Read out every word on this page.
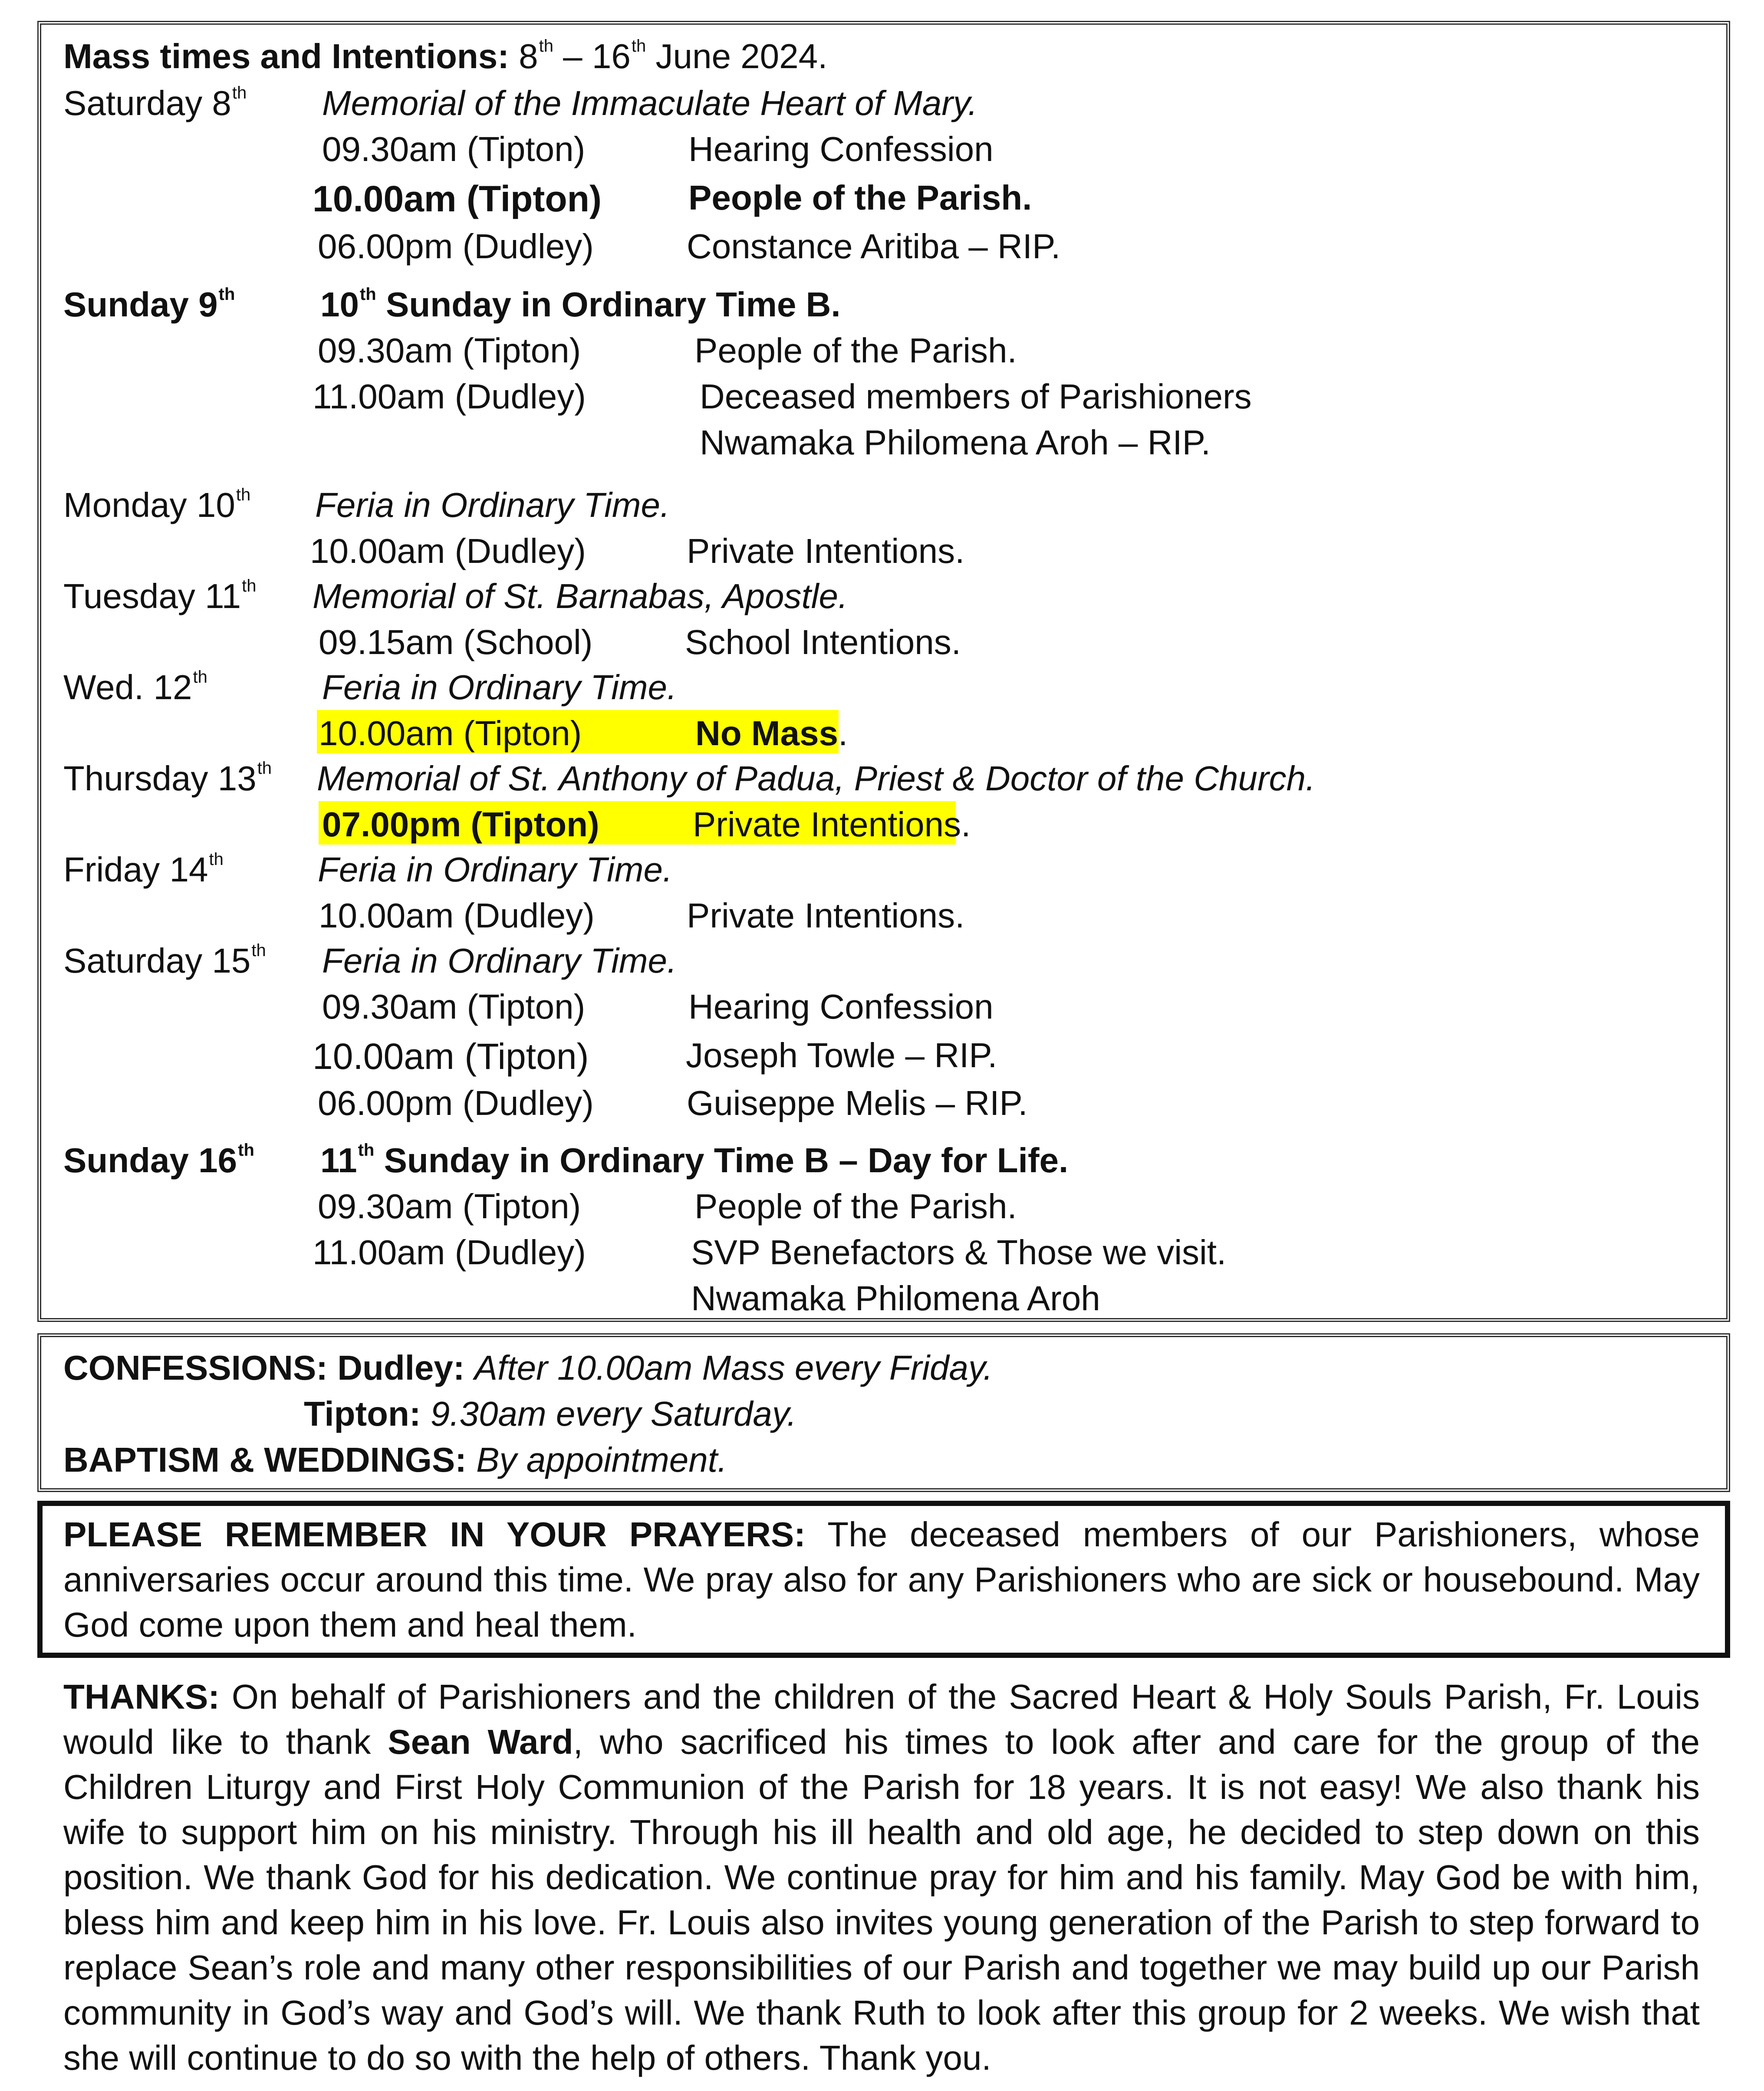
Mass times and Intentions: 8th – 16th June 2024.
Saturday 8th Memorial of the Immaculate Heart of Mary.
09.30am (Tipton)	Hearing Confession
10.00am (Tipton)	People of the Parish.
06.00pm (Dudley)	Constance Aritiba – RIP.
Sunday 9th 10th Sunday in Ordinary Time B.
09.30am (Tipton)	People of the Parish.
11.00am (Dudley)	Deceased members of Parishioners
Nwamaka Philomena Aroh – RIP.
Monday 10th Feria in Ordinary Time.
10.00am (Dudley)	Private Intentions.
Tuesday 11th Memorial of St. Barnabas, Apostle.
09.15am (School)	School Intentions.
Wed. 12th	Feria in Ordinary Time.
10.00am (Tipton)	No Mass.
Thursday 13th Memorial of St. Anthony of Padua, Priest & Doctor of the Church.
07.00pm (Tipton)	Private Intentions.
Friday 14th	Feria in Ordinary Time.
10.00am (Dudley)	Private Intentions.
Saturday 15th Feria in Ordinary Time.
09.30am (Tipton)	Hearing Confession
10.00am (Tipton)	Joseph Towle – RIP.
06.00pm (Dudley)	Guiseppe Melis – RIP.
Sunday 16th 11th Sunday in Ordinary Time B – Day for Life.
09.30am (Tipton)	People of the Parish.
11.00am (Dudley)	SVP Benefactors & Those we visit.
Nwamaka Philomena Aroh
CONFESSIONS: Dudley: After 10.00am Mass every Friday.
Tipton: 9.30am every Saturday.
BAPTISM & WEDDINGS: By appointment.
PLEASE REMEMBER IN YOUR PRAYERS: The deceased members of our Parishioners, whose anniversaries occur around this time. We pray also for any Parishioners who are sick or housebound. May God come upon them and heal them.
THANKS: On behalf of Parishioners and the children of the Sacred Heart & Holy Souls Parish, Fr. Louis would like to thank Sean Ward, who sacrificed his times to look after and care for the group of the Children Liturgy and First Holy Communion of the Parish for 18 years. It is not easy! We also thank his wife to support him on his ministry. Through his ill health and old age, he decided to step down on this position. We thank God for his dedication. We continue pray for him and his family. May God be with him, bless him and keep him in his love. Fr. Louis also invites young generation of the Parish to step forward to replace Sean’s role and many other responsibilities of our Parish and together we may build up our Parish community in God’s way and God’s will. We thank Ruth to look after this group for 2 weeks. We wish that she will continue to do so with the help of others. Thank you.
